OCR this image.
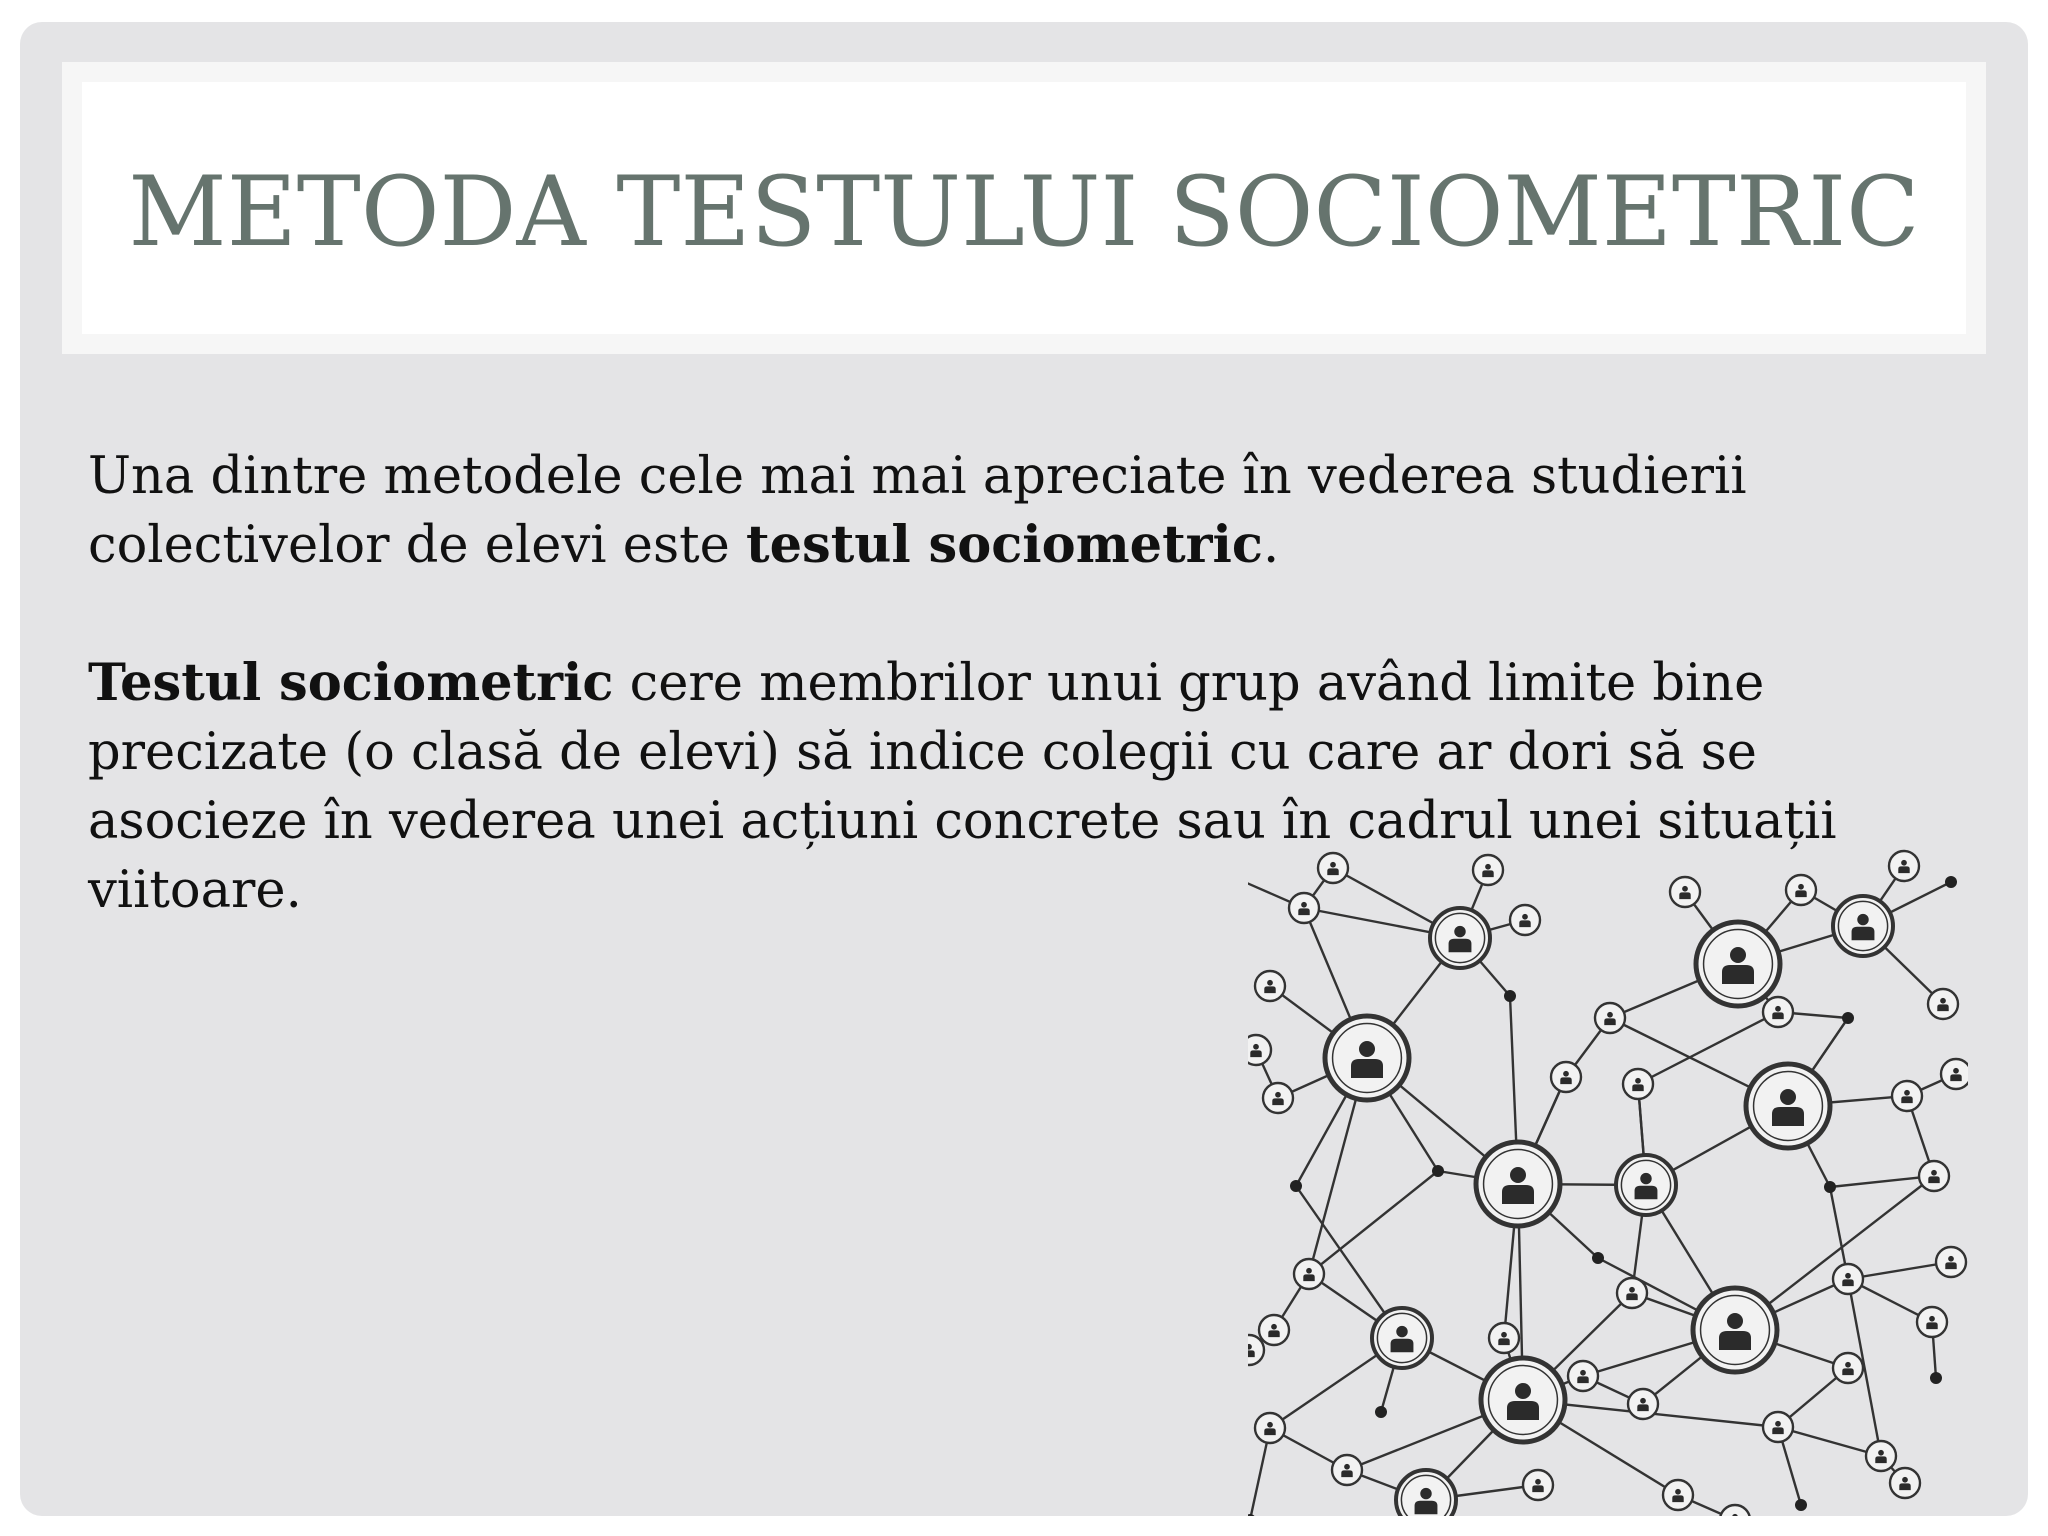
METODA TESTULUI SOCIOMETRIC

Una dintre metodele cele mai mai apreciate în vederea studierii colectivelor de elevi este testul sociometric.

Testul sociometric cere membrilor unui grup având limite bine precizate (o clasă de elevi) să indice colegii cu care ar dori să se asocieze în vederea unei acțiuni concrete sau în cadrul unei situații viitoare.
